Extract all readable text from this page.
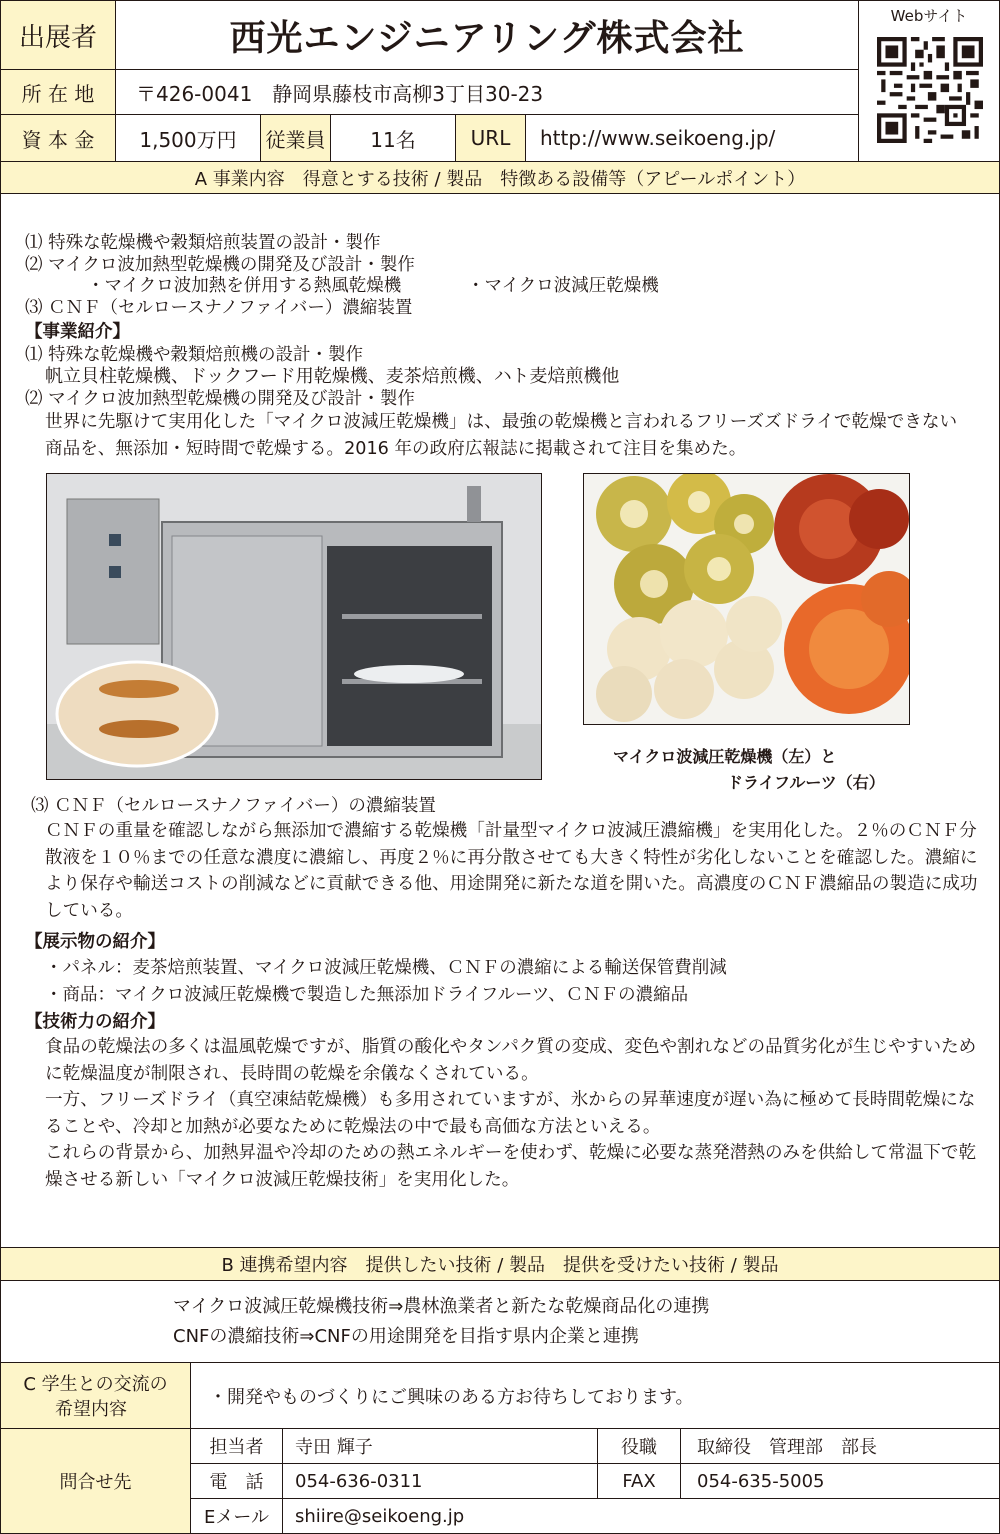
出展者	西光エンジニアリング株式会社
所 在 地	〒426-0041　静岡県藤枝市高柳3丁目30-23
資 本 金	1,500万円	従業員	11名	URL	http://www.seikoeng.jp/
Webサイト
A 事業内容　得意とする技術 / 製品　特徴ある設備等（アピールポイント）
⑴ 特殊な乾燥機や穀類焙煎装置の設計・製作
⑵ マイクロ波加熱型乾燥機の開発及び設計・製作
・マイクロ波加熱を併用する熱風乾燥機	・マイクロ波減圧乾燥機
⑶ ＣＮＦ（セルロースナノファイバー）濃縮装置
【事業紹介】
⑴ 特殊な乾燥機や穀類焙煎機の設計・製作
帆立貝柱乾燥機、ドックフード用乾燥機、麦茶焙煎機、ハト麦焙煎機他
⑵ マイクロ波加熱型乾燥機の開発及び設計・製作
世界に先駆けて実用化した「マイクロ波減圧乾燥機」は、最強の乾燥機と言われるフリーズズドライで乾燥できない商品を、無添加・短時間で乾燥する。2016 年の政府広報誌に掲載されて注目を集めた。
マイクロ波減圧乾燥機（左）と
ドライフルーツ（右）
⑶ ＣＮＦ（セルロースナノファイバー）の濃縮装置
ＣＮＦの重量を確認しながら無添加で濃縮する乾燥機「計量型マイクロ波減圧濃縮機」を実用化した。２％のＣＮＦ分散液を１０％までの任意な濃度に濃縮し、再度２％に再分散させても大きく特性が劣化しないことを確認した。濃縮により保存や輸送コストの削減などに貢献できる他、用途開発に新たな道を開いた。高濃度のＣＮＦ濃縮品の製造に成功している。
【展示物の紹介】
・パネル：麦茶焙煎装置、マイクロ波減圧乾燥機、ＣＮＦの濃縮による輸送保管費削減
・商品：マイクロ波減圧乾燥機で製造した無添加ドライフルーツ、ＣＮＦの濃縮品
【技術力の紹介】
食品の乾燥法の多くは温風乾燥ですが、脂質の酸化やタンパク質の変成、変色や割れなどの品質劣化が生じやすいために乾燥温度が制限され、長時間の乾燥を余儀なくされている。
一方、フリーズドライ（真空凍結乾燥機）も多用されていますが、氷からの昇華速度が遅い為に極めて長時間乾燥になることや、冷却と加熱が必要なために乾燥法の中で最も高価な方法といえる。
これらの背景から、加熱昇温や冷却のための熱エネルギーを使わず、乾燥に必要な蒸発潜熱のみを供給して常温下で乾燥させる新しい「マイクロ波減圧乾燥技術」を実用化した。
B 連携希望内容　提供したい技術 / 製品　提供を受けたい技術 / 製品
マイクロ波減圧乾燥機技術⇒農林漁業者と新たな乾燥商品化の連携
CNFの濃縮技術⇒CNFの用途開発を目指す県内企業と連携
C 学生との交流の
希望内容
・開発やものづくりにご興味のある方お待ちしております。
問合せ先
担当者	寺田 輝子	役職	取締役　管理部　部長
電　話	054-636-0311	FAX	054-635-5005
Eメール	shiire@seikoeng.jp
